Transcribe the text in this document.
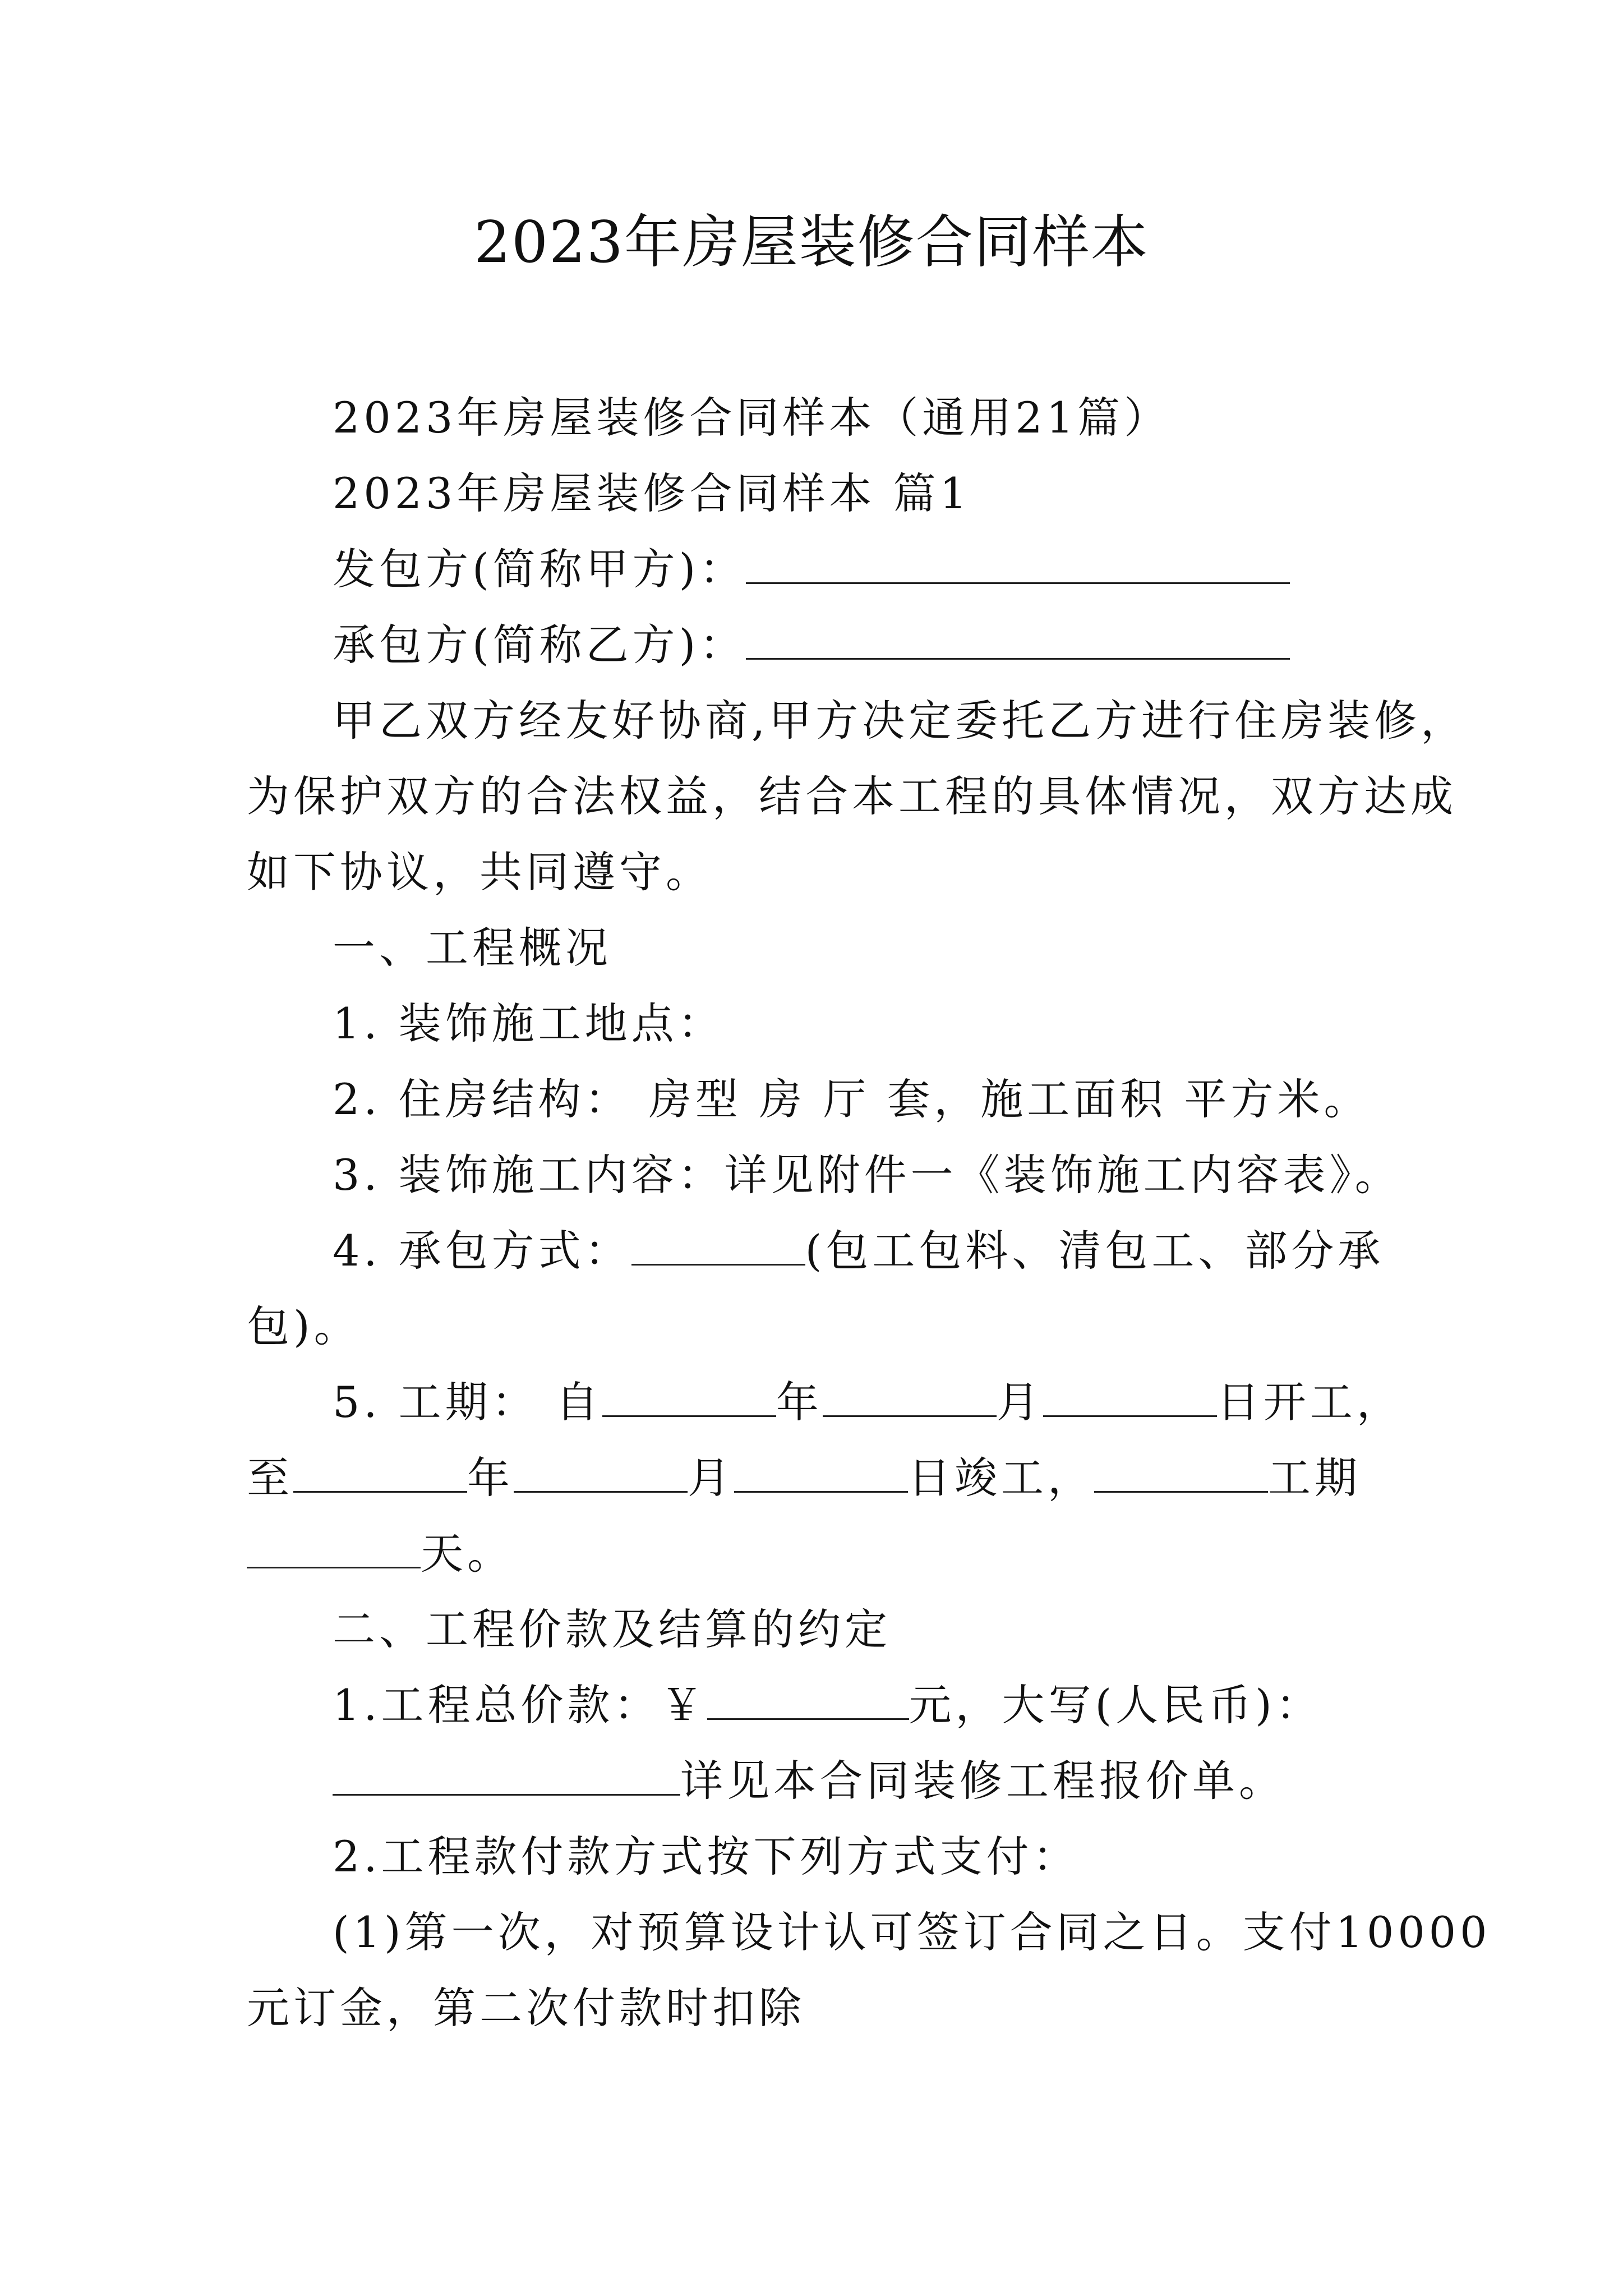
2023年房屋装修合同样本

2023年房屋装修合同样本（通用21篇）

2023年房屋装修合同样本 篇1

发包方(简称甲方)：

承包方(简称乙方)：

甲乙双方经友好协商,甲方决定委托乙方进行住房装修，

为保护双方的合法权益，结合本工程的具体情况，双方达成

如下协议，共同遵守。

一、工程概况

1. 装饰施工地点：

2. 住房结构： 房型 房 厅 套，施工面积 平方米。

3. 装饰施工内容：详见附件一《装饰施工内容表》。

4. 承包方式：	(包工包料、清包工、部分承

包)。

5. 工期： 自	年	月	日开工，

至	年	月	日竣工，	工期

天。

二、工程价款及结算的约定

1.工程总价款：￥	元，大写(人民币)：

详见本合同装修工程报价单。

2.工程款付款方式按下列方式支付：

(1)第一次，对预算设计认可签订合同之日。支付10000

元订金，第二次付款时扣除
